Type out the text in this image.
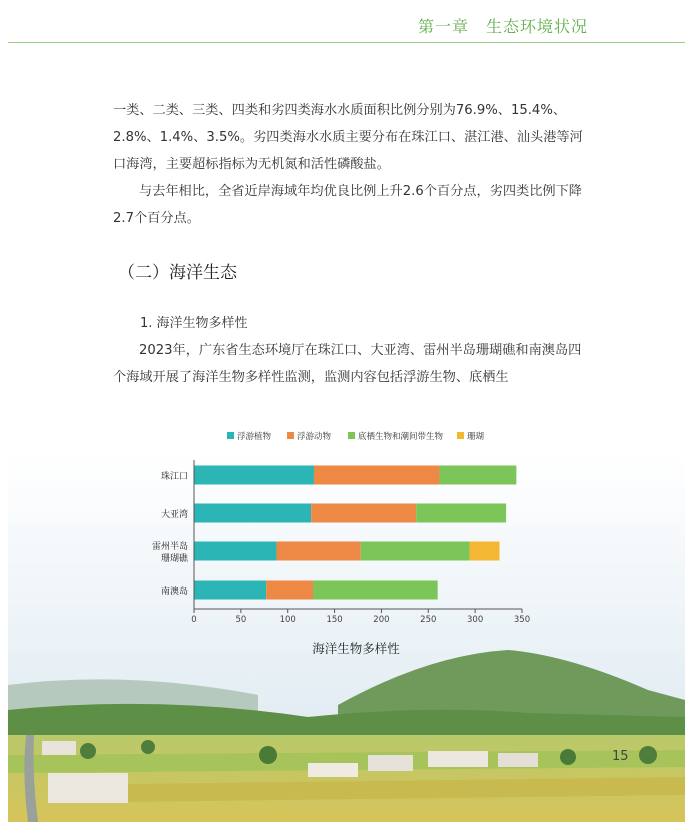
第一章　生态环境状况
一类、二类、三类、四类和劣四类海水水质面积比例分别为76.9%、15.4%、2.8%、1.4%、3.5%。劣四类海水水质主要分布在珠江口、湛江港、汕头港等河口海湾，主要超标指标为无机氮和活性磷酸盐。
与去年相比，全省近岸海域年均优良比例上升2.6个百分点，劣四类比例下降2.7个百分点。
（二）海洋生态
1. 海洋生物多样性
2023年，广东省生态环境厅在珠江口、大亚湾、雷州半岛珊瑚礁和南澳岛四个海域开展了海洋生物多样性监测，监测内容包括浮游生物、底栖生
浮游植物	浮游动物	底栖生物和潮间带生物	珊瑚
珠江口
大亚湾
雷州半岛珊瑚礁
南澳岛
0	50	100	150	200	250	300	350
海洋生物多样性
15
